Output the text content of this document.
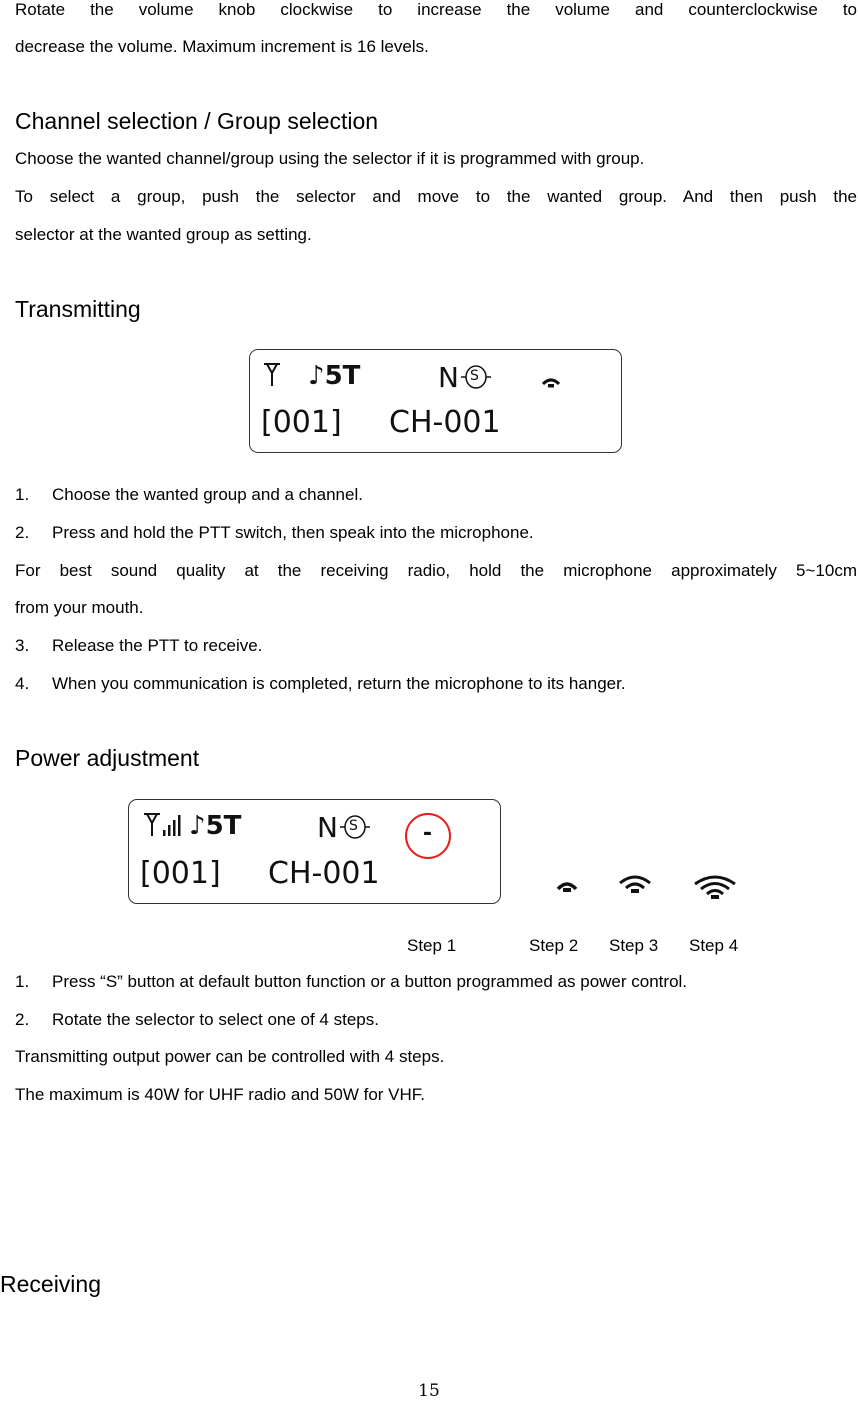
Rotate the volume knob clockwise to increase the volume and counterclockwise to
decrease the volume. Maximum increment is 16 levels.
Channel selection / Group selection
Choose the wanted channel/group using the selector if it is programmed with group.
To select a group, push the selector and move to the wanted group. And then push the
selector at the wanted group as setting.
Transmitting
♪5T	N S
[001] CH-001
1. Choose the wanted group and a channel.
2. Press and hold the PTT switch, then speak into the microphone.
For best sound quality at the receiving radio, hold the microphone approximately 5~10cm
from your mouth.
3. Release the PTT to receive.
4. When you communication is completed, return the microphone to its hanger.
Power adjustment
♪5T	N S	-
[001] CH-001
Step 1	Step 2 Step 3 Step 4
1. Press “S” button at default button function or a button programmed as power control.
2. Rotate the selector to select one of 4 steps.
Transmitting output power can be controlled with 4 steps.
The maximum is 40W for UHF radio and 50W for VHF.
Receiving
15
